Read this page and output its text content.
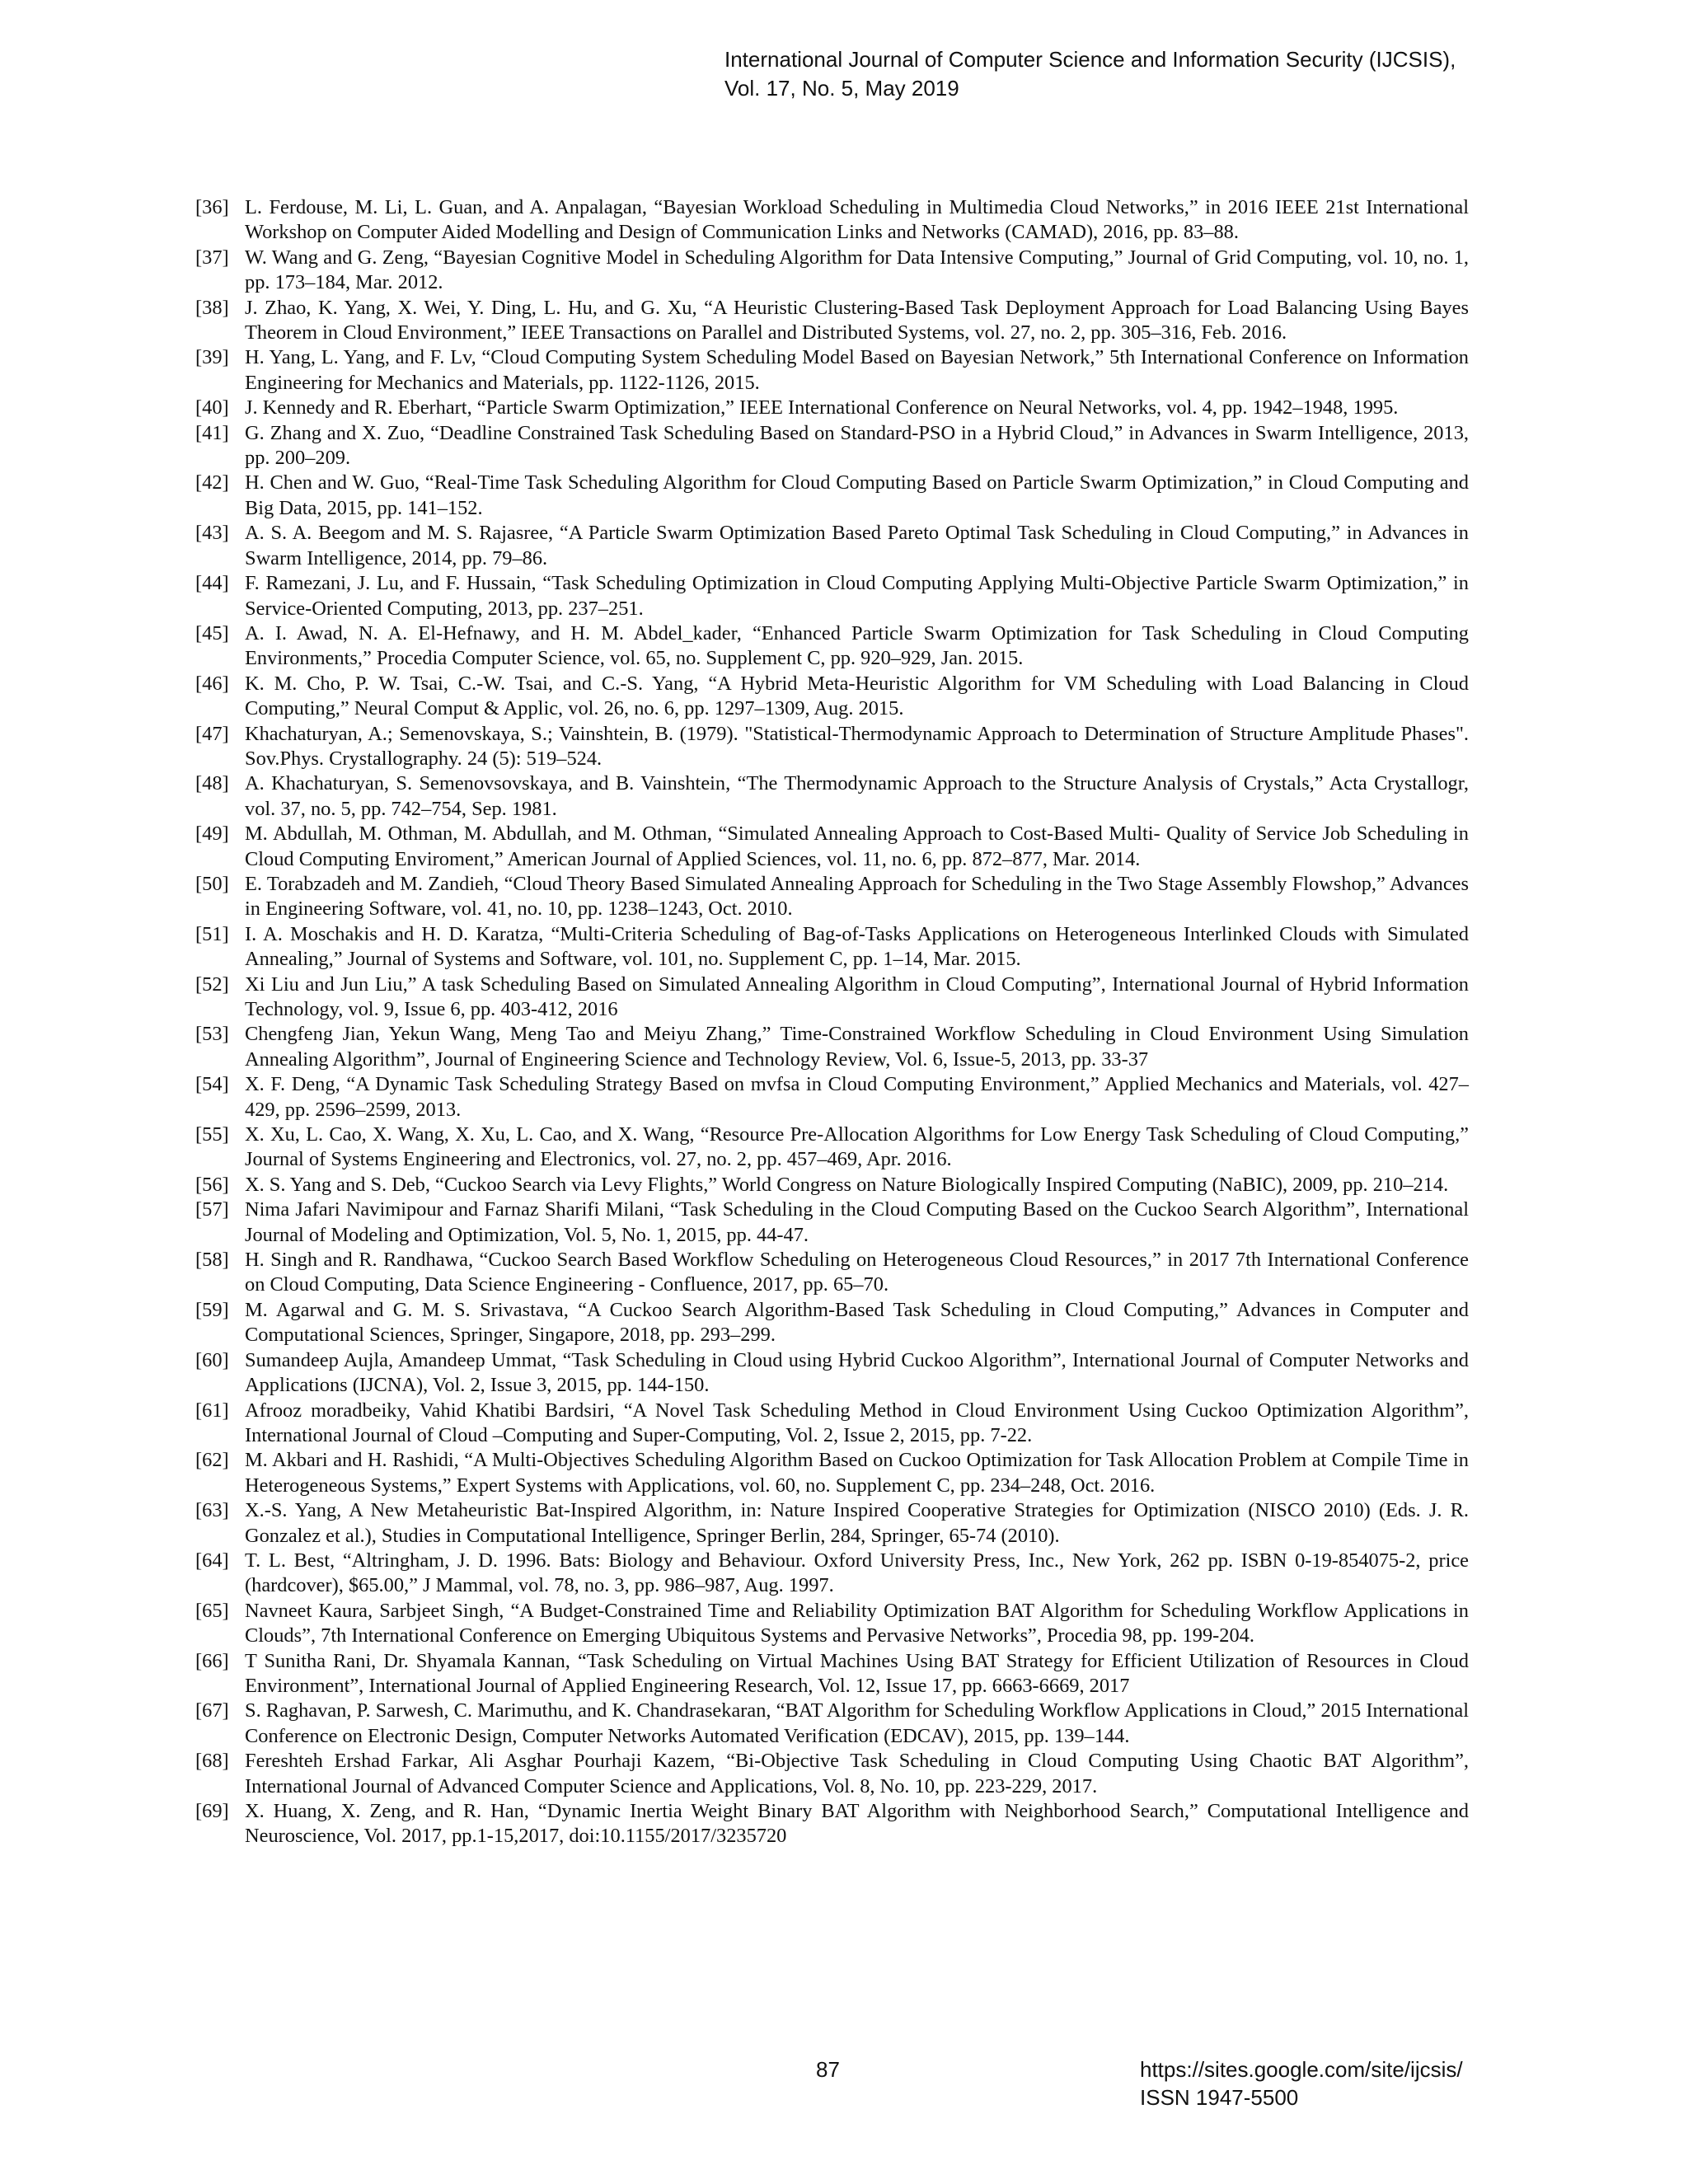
International Journal of Computer Science and Information Security (IJCSIS),
Vol. 17, No. 5, May 2019
[36] L. Ferdouse, M. Li, L. Guan, and A. Anpalagan, “Bayesian Workload Scheduling in Multimedia Cloud Networks,” in 2016 IEEE 21st International Workshop on Computer Aided Modelling and Design of Communication Links and Networks (CAMAD), 2016, pp. 83–88.
[37] W. Wang and G. Zeng, “Bayesian Cognitive Model in Scheduling Algorithm for Data Intensive Computing,” Journal of Grid Computing, vol. 10, no. 1, pp. 173–184, Mar. 2012.
[38] J. Zhao, K. Yang, X. Wei, Y. Ding, L. Hu, and G. Xu, “A Heuristic Clustering-Based Task Deployment Approach for Load Balancing Using Bayes Theorem in Cloud Environment,” IEEE Transactions on Parallel and Distributed Systems, vol. 27, no. 2, pp. 305–316, Feb. 2016.
[39] H. Yang, L. Yang, and F. Lv, “Cloud Computing System Scheduling Model Based on Bayesian Network,” 5th International Conference on Information Engineering for Mechanics and Materials, pp. 1122-1126, 2015.
[40] J. Kennedy and R. Eberhart, “Particle Swarm Optimization,” IEEE International Conference on Neural Networks, vol. 4, pp. 1942–1948, 1995.
[41] G. Zhang and X. Zuo, “Deadline Constrained Task Scheduling Based on Standard-PSO in a Hybrid Cloud,” in Advances in Swarm Intelligence, 2013, pp. 200–209.
[42] H. Chen and W. Guo, “Real-Time Task Scheduling Algorithm for Cloud Computing Based on Particle Swarm Optimization,” in Cloud Computing and Big Data, 2015, pp. 141–152.
[43] A. S. A. Beegom and M. S. Rajasree, “A Particle Swarm Optimization Based Pareto Optimal Task Scheduling in Cloud Computing,” in Advances in Swarm Intelligence, 2014, pp. 79–86.
[44] F. Ramezani, J. Lu, and F. Hussain, “Task Scheduling Optimization in Cloud Computing Applying Multi-Objective Particle Swarm Optimization,” in Service-Oriented Computing, 2013, pp. 237–251.
[45] A. I. Awad, N. A. El-Hefnawy, and H. M. Abdel_kader, “Enhanced Particle Swarm Optimization for Task Scheduling in Cloud Computing Environments,” Procedia Computer Science, vol. 65, no. Supplement C, pp. 920–929, Jan. 2015.
[46] K. M. Cho, P. W. Tsai, C.-W. Tsai, and C.-S. Yang, “A Hybrid Meta-Heuristic Algorithm for VM Scheduling with Load Balancing in Cloud Computing,” Neural Comput & Applic, vol. 26, no. 6, pp. 1297–1309, Aug. 2015.
[47] Khachaturyan, A.; Semenovskaya, S.; Vainshtein, B. (1979). "Statistical-Thermodynamic Approach to Determination of Structure Amplitude Phases". Sov.Phys. Crystallography. 24 (5): 519–524.
[48] A. Khachaturyan, S. Semenovsovskaya, and B. Vainshtein, “The Thermodynamic Approach to the Structure Analysis of Crystals,” Acta Crystallogr, vol. 37, no. 5, pp. 742–754, Sep. 1981.
[49] M. Abdullah, M. Othman, M. Abdullah, and M. Othman, “Simulated Annealing Approach to Cost-Based Multi- Quality of Service Job Scheduling in Cloud Computing Enviroment,” American Journal of Applied Sciences, vol. 11, no. 6, pp. 872–877, Mar. 2014.
[50] E. Torabzadeh and M. Zandieh, “Cloud Theory Based Simulated Annealing Approach for Scheduling in the Two Stage Assembly Flowshop,” Advances in Engineering Software, vol. 41, no. 10, pp. 1238–1243, Oct. 2010.
[51] I. A. Moschakis and H. D. Karatza, “Multi-Criteria Scheduling of Bag-of-Tasks Applications on Heterogeneous Interlinked Clouds with Simulated Annealing,” Journal of Systems and Software, vol. 101, no. Supplement C, pp. 1–14, Mar. 2015.
[52] Xi Liu and Jun Liu,” A task Scheduling Based on Simulated Annealing Algorithm in Cloud Computing”, International Journal of Hybrid Information Technology, vol. 9, Issue 6, pp. 403-412, 2016
[53] Chengfeng Jian, Yekun Wang, Meng Tao and Meiyu Zhang,” Time-Constrained Workflow Scheduling in Cloud Environment Using Simulation Annealing Algorithm”, Journal of Engineering Science and Technology Review, Vol. 6, Issue-5, 2013, pp. 33-37
[54] X. F. Deng, “A Dynamic Task Scheduling Strategy Based on mvfsa in Cloud Computing Environment,” Applied Mechanics and Materials, vol. 427–429, pp. 2596–2599, 2013.
[55] X. Xu, L. Cao, X. Wang, X. Xu, L. Cao, and X. Wang, “Resource Pre-Allocation Algorithms for Low Energy Task Scheduling of Cloud Computing,” Journal of Systems Engineering and Electronics, vol. 27, no. 2, pp. 457–469, Apr. 2016.
[56] X. S. Yang and S. Deb, “Cuckoo Search via Levy Flights,” World Congress on Nature Biologically Inspired Computing (NaBIC), 2009, pp. 210–214.
[57] Nima Jafari Navimipour and Farnaz Sharifi Milani, “Task Scheduling in the Cloud Computing Based on the Cuckoo Search Algorithm”, International Journal of Modeling and Optimization, Vol. 5, No. 1, 2015, pp. 44-47.
[58] H. Singh and R. Randhawa, “Cuckoo Search Based Workflow Scheduling on Heterogeneous Cloud Resources,” in 2017 7th International Conference on Cloud Computing, Data Science Engineering - Confluence, 2017, pp. 65–70.
[59] M. Agarwal and G. M. S. Srivastava, “A Cuckoo Search Algorithm-Based Task Scheduling in Cloud Computing,” Advances in Computer and Computational Sciences, Springer, Singapore, 2018, pp. 293–299.
[60] Sumandeep Aujla, Amandeep Ummat, “Task Scheduling in Cloud using Hybrid Cuckoo Algorithm”, International Journal of Computer Networks and Applications (IJCNA), Vol. 2, Issue 3, 2015, pp. 144-150.
[61] Afrooz moradbeiky, Vahid Khatibi Bardsiri, “A Novel Task Scheduling Method in Cloud Environment Using Cuckoo Optimization Algorithm”, International Journal of Cloud –Computing and Super-Computing, Vol. 2, Issue 2, 2015, pp. 7-22.
[62] M. Akbari and H. Rashidi, “A Multi-Objectives Scheduling Algorithm Based on Cuckoo Optimization for Task Allocation Problem at Compile Time in Heterogeneous Systems,” Expert Systems with Applications, vol. 60, no. Supplement C, pp. 234–248, Oct. 2016.
[63] X.-S. Yang, A New Metaheuristic Bat-Inspired Algorithm, in: Nature Inspired Cooperative Strategies for Optimization (NISCO 2010) (Eds. J. R. Gonzalez et al.), Studies in Computational Intelligence, Springer Berlin, 284, Springer, 65-74 (2010).
[64] T. L. Best, “Altringham, J. D. 1996. Bats: Biology and Behaviour. Oxford University Press, Inc., New York, 262 pp. ISBN 0-19-854075-2, price (hardcover), $65.00,” J Mammal, vol. 78, no. 3, pp. 986–987, Aug. 1997.
[65] Navneet Kaura, Sarbjeet Singh, “A Budget-Constrained Time and Reliability Optimization BAT Algorithm for Scheduling Workflow Applications in Clouds”, 7th International Conference on Emerging Ubiquitous Systems and Pervasive Networks”, Procedia 98, pp. 199-204.
[66] T Sunitha Rani, Dr. Shyamala Kannan, “Task Scheduling on Virtual Machines Using BAT Strategy for Efficient Utilization of Resources in Cloud Environment”, International Journal of Applied Engineering Research, Vol. 12, Issue 17, pp. 6663-6669, 2017
[67] S. Raghavan, P. Sarwesh, C. Marimuthu, and K. Chandrasekaran, “BAT Algorithm for Scheduling Workflow Applications in Cloud,” 2015 International Conference on Electronic Design, Computer Networks Automated Verification (EDCAV), 2015, pp. 139–144.
[68] Fereshteh Ershad Farkar, Ali Asghar Pourhaji Kazem, “Bi-Objective Task Scheduling in Cloud Computing Using Chaotic BAT Algorithm”, International Journal of Advanced Computer Science and Applications, Vol. 8, No. 10, pp. 223-229, 2017.
[69] X. Huang, X. Zeng, and R. Han, “Dynamic Inertia Weight Binary BAT Algorithm with Neighborhood Search,” Computational Intelligence and Neuroscience, Vol. 2017, pp.1-15,2017, doi:10.1155/2017/3235720
87	https://sites.google.com/site/ijcsis/
ISSN 1947-5500
